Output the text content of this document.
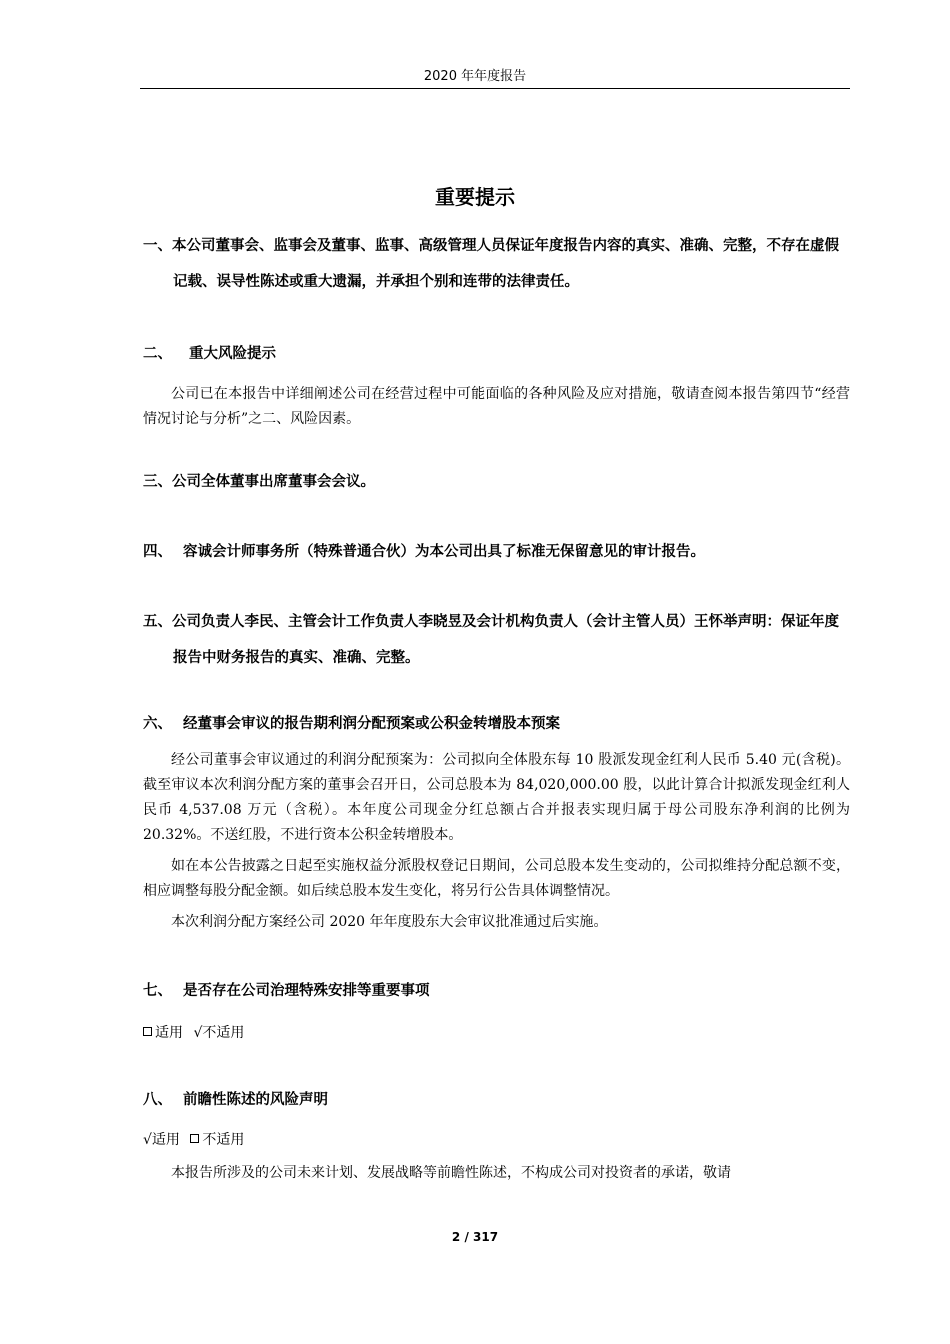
2020 年年度报告
重要提示

一、本公司董事会、监事会及董事、监事、高级管理人员保证年度报告内容的真实、准确、完整，不存在虚假记载、误导性陈述或重大遗漏，并承担个别和连带的法律责任。

二、 重大风险提示

公司已在本报告中详细阐述公司在经营过程中可能面临的各种风险及应对措施，敬请查阅本报告第四节“经营情况讨论与分析”之二、风险因素。

三、公司全体董事出席董事会会议。

四、 容诚会计师事务所（特殊普通合伙）为本公司出具了标准无保留意见的审计报告。

五、公司负责人李民、主管会计工作负责人李晓昱及会计机构负责人（会计主管人员）王怀举声明：保证年度报告中财务报告的真实、准确、完整。

六、 经董事会审议的报告期利润分配预案或公积金转增股本预案

经公司董事会审议通过的利润分配预案为：公司拟向全体股东每 10 股派发现金红利人民币 5.40 元(含税)。截至审议本次利润分配方案的董事会召开日，公司总股本为 84,020,000.00 股，以此计算合计拟派发现金红利人民币 4,537.08 万元（含税）。本年度公司现金分红总额占合并报表实现归属于母公司股东净利润的比例为 20.32%。不送红股，不进行资本公积金转增股本。

如在本公告披露之日起至实施权益分派股权登记日期间，公司总股本发生变动的，公司拟维持分配总额不变，相应调整每股分配金额。如后续总股本发生变化，将另行公告具体调整情况。

本次利润分配方案经公司 2020 年年度股东大会审议批准通过后实施。

七、 是否存在公司治理特殊安排等重要事项

适用 √不适用

八、 前瞻性陈述的风险声明

√适用 不适用

本报告所涉及的公司未来计划、发展战略等前瞻性陈述，不构成公司对投资者的承诺，敬请

2 / 317
